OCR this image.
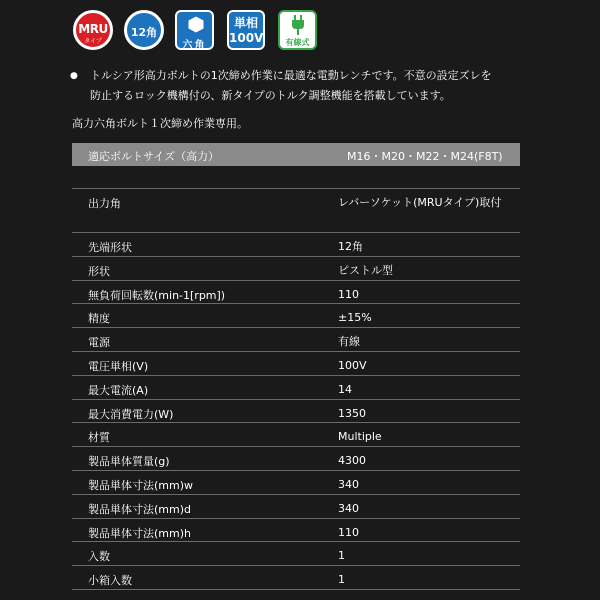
MRU
タイプ
12角
六角
単相
100V	有線式
● トルシア形高力ボルトの1次締め作業に最適な電動レンチです。不意の設定ズレを
防止するロック機構付の、新タイプのトルク調整機能を搭載しています。
高力六角ボルト１次締め作業専用。
適応ボルトサイズ（高力）	M16・M20・M22・M24(F8T)
出力角	レバーソケット(MRUタイプ)取付
先端形状	12角
形状	ピストル型
無負荷回転数(min-1[rpm])	110
精度	±15%
電源	有線
電圧単相(V)	100V
最大電流(A)	14
最大消費電力(W)	1350
材質	Multiple
製品単体質量(g)	4300
製品単体寸法(mm)w	340
製品単体寸法(mm)d	340
製品単体寸法(mm)h	110
入数	1
小箱入数	1
